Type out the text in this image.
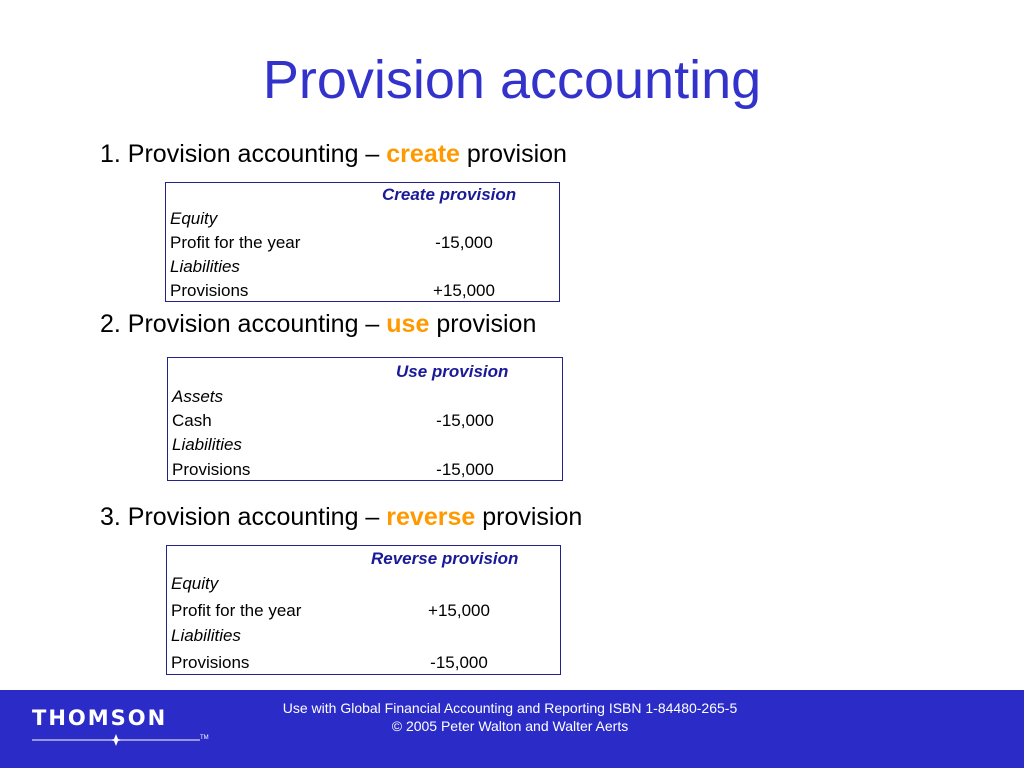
Provision accounting
1. Provision accounting – create provision
Create provision
Equity
Profit for the year	-15,000
Liabilities
Provisions	+15,000
2. Provision accounting – use provision
Use provision
Assets
Cash	-15,000
Liabilities
Provisions	-15,000
3. Provision accounting – reverse provision
Reverse provision
Equity
Profit for the year	+15,000
Liabilities
Provisions	-15,000
THOMSON
TM
Use with Global Financial Accounting and Reporting ISBN 1-84480-265-5
© 2005 Peter Walton and Walter Aerts
